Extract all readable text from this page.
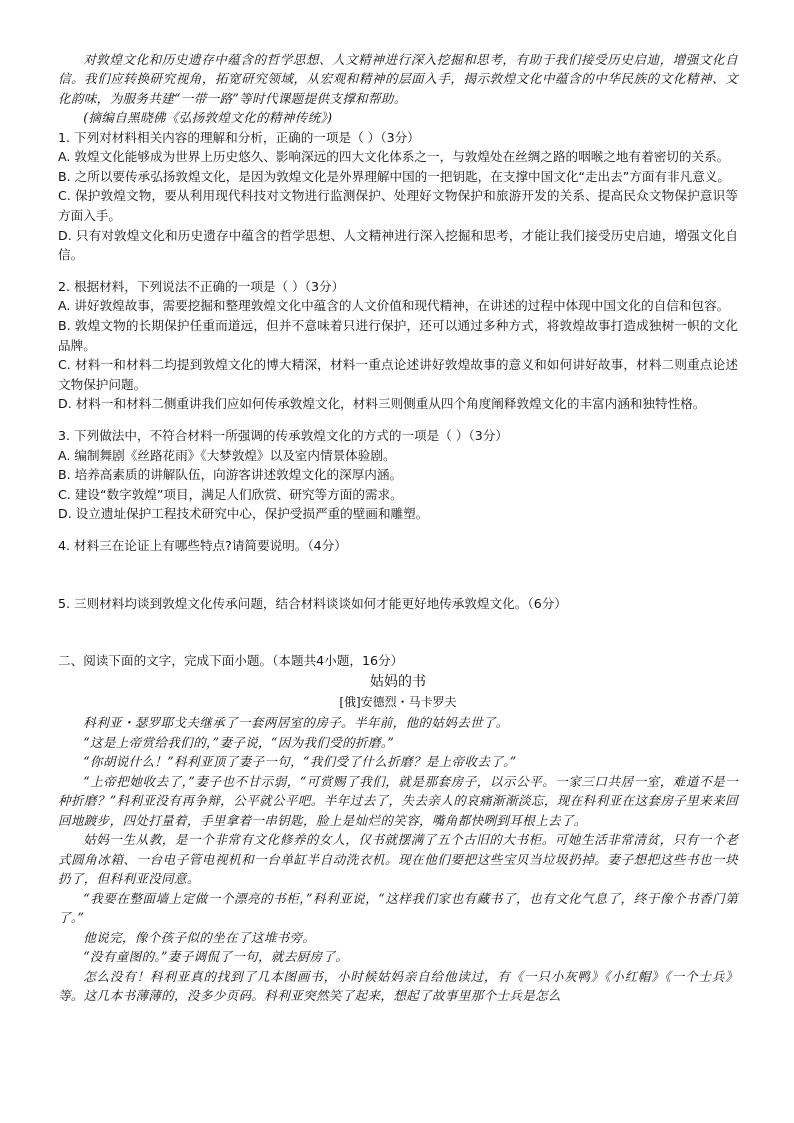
对敦煌文化和历史遗存中蕴含的哲学思想、人文精神进行深入挖掘和思考，有助于我们接受历史启迪，增强文化自信。我们应转换研究视角，拓宽研究领域，从宏观和精神的层面入手，揭示敦煌文化中蕴含的中华民族的文化精神、文化韵味，为服务共建“一带一路”等时代课题提供支撑和帮助。

(摘编自黑晓佛《弘扬敦煌文化的精神传统》)

1. 下列对材料相关内容的理解和分析，正确的一项是（ ）（3分）

A. 敦煌文化能够成为世界上历史悠久、影响深远的四大文化体系之一，与敦煌处在丝绸之路的咽喉之地有着密切的关系。

B. 之所以要传承弘扬敦煌文化，是因为敦煌文化是外界理解中国的一把钥匙，在支撑中国文化“走出去”方面有非凡意义。

C. 保护敦煌文物，要从利用现代科技对文物进行监测保护、处理好文物保护和旅游开发的关系、提高民众文物保护意识等方面入手。

D. 只有对敦煌文化和历史遗存中蕴含的哲学思想、人文精神进行深入挖掘和思考，才能让我们接受历史启迪，增强文化自信。

2. 根据材料，下列说法不正确的一项是（ ）（3分）

A. 讲好敦煌故事，需要挖掘和整理敦煌文化中蕴含的人文价值和现代精神，在讲述的过程中体现中国文化的自信和包容。

B. 敦煌文物的长期保护任重而道远，但并不意味着只进行保护，还可以通过多种方式，将敦煌故事打造成独树一帜的文化品牌。

C. 材料一和材料二均提到敦煌文化的博大精深，材料一重点论述讲好敦煌故事的意义和如何讲好故事，材料二则重点论述文物保护问题。

D. 材料一和材料二侧重讲我们应如何传承敦煌文化，材料三则侧重从四个角度阐释敦煌文化的丰富内涵和独特性格。

3. 下列做法中，不符合材料一所强调的传承敦煌文化的方式的一项是（ ）（3分）

A. 编制舞剧《丝路花雨》《大梦敦煌》以及室内情景体验剧。

B. 培养高素质的讲解队伍，向游客讲述敦煌文化的深厚内涵。

C. 建设“数字敦煌”项目，满足人们欣赏、研究等方面的需求。

D. 设立遗址保护工程技术研究中心，保护受损严重的壁画和雕塑。

4. 材料三在论证上有哪些特点?请简要说明。（4分）

5. 三则材料均谈到敦煌文化传承问题，结合材料谈谈如何才能更好地传承敦煌文化。（6分）

二、阅读下面的文字，完成下面小题。（本题共4小题，16分）

姑妈的书

[俄]安德烈・马卡罗夫

科利亚・瑟罗耶戈夫继承了一套两居室的房子。半年前，他的姑妈去世了。

“这是上帝赏给我们的，”妻子说，“因为我们受的折磨。”

“你胡说什么！”科利亚顶了妻子一句，“我们受了什么折磨？是上帝收去了。”

“上帝把她收去了，”妻子也不甘示弱，“可赏赐了我们，就是那套房子，以示公平。一家三口共居一室，难道不是一种折磨？”科利亚没有再争辩，公平就公平吧。半年过去了，失去亲人的哀痛渐渐淡忘，现在科利亚在这套房子里来来回回地踱步，四处打量着，手里拿着一串钥匙，脸上是灿烂的笑容，嘴角都快咧到耳根上去了。

姑妈一生从教，是一个非常有文化修养的女人，仅书就摆满了五个古旧的大书柜。可她生活非常清贫，只有一个老式圆角冰箱、一台电子管电视机和一台单缸半自动洗衣机。现在他们要把这些宝贝当垃圾扔掉。妻子想把这些书也一块扔了，但科利亚没同意。

“我要在整面墙上定做一个漂亮的书柜，”科利亚说，“这样我们家也有藏书了，也有文化气息了，终于像个书香门第了。”

他说完，像个孩子似的坐在了这堆书旁。

“没有童图的。”妻子调侃了一句，就去厨房了。

怎么没有！科利亚真的找到了几本图画书，小时候姑妈亲自给他读过，有《一只小灰鸭》《小红帽》《一个士兵》等。这几本书薄薄的，没多少页码。科利亚突然笑了起来，想起了故事里那个士兵是怎么
